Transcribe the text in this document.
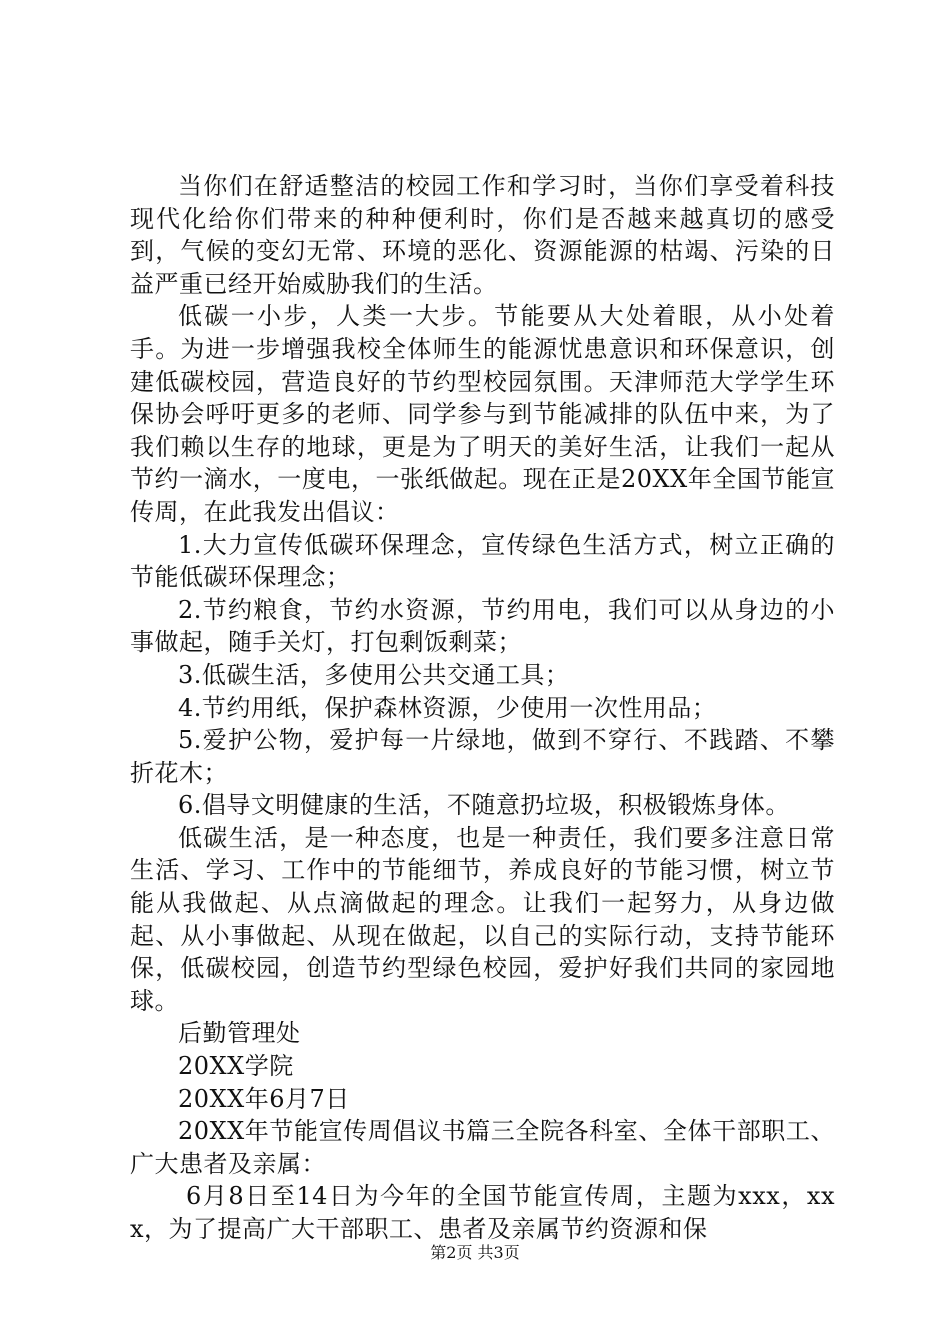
当你们在舒适整洁的校园工作和学习时，当你们享受着科技现代化给你们带来的种种便利时，你们是否越来越真切的感受到，气候的变幻无常、环境的恶化、资源能源的枯竭、污染的日益严重已经开始威胁我们的生活。

低碳一小步，人类一大步。节能要从大处着眼，从小处着手。为进一步增强我校全体师生的能源忧患意识和环保意识，创建低碳校园，营造良好的节约型校园氛围。天津师范大学学生环保协会呼吁更多的老师、同学参与到节能减排的队伍中来，为了我们赖以生存的地球，更是为了明天的美好生活，让我们一起从节约一滴水，一度电，一张纸做起。现在正是20XX年全国节能宣传周，在此我发出倡议：

1.大力宣传低碳环保理念，宣传绿色生活方式，树立正确的节能低碳环保理念；

2.节约粮食，节约水资源，节约用电，我们可以从身边的小事做起，随手关灯，打包剩饭剩菜；

3.低碳生活，多使用公共交通工具；

4.节约用纸，保护森林资源，少使用一次性用品；

5.爱护公物，爱护每一片绿地，做到不穿行、不践踏、不攀折花木；

6.倡导文明健康的生活，不随意扔垃圾，积极锻炼身体。

低碳生活，是一种态度，也是一种责任，我们要多注意日常生活、学习、工作中的节能细节，养成良好的节能习惯，树立节能从我做起、从点滴做起的理念。让我们一起努力，从身边做起、从小事做起、从现在做起，以自己的实际行动，支持节能环保，低碳校园，创造节约型绿色校园，爱护好我们共同的家园地球。

后勤管理处

20XX学院

20XX年6月7日

20XX年节能宣传周倡议书篇三全院各科室、全体干部职工、广大患者及亲属：

6月8日至14日为今年的全国节能宣传周，主题为xxx，xxx，为了提高广大干部职工、患者及亲属节约资源和保

第2页 共3页
